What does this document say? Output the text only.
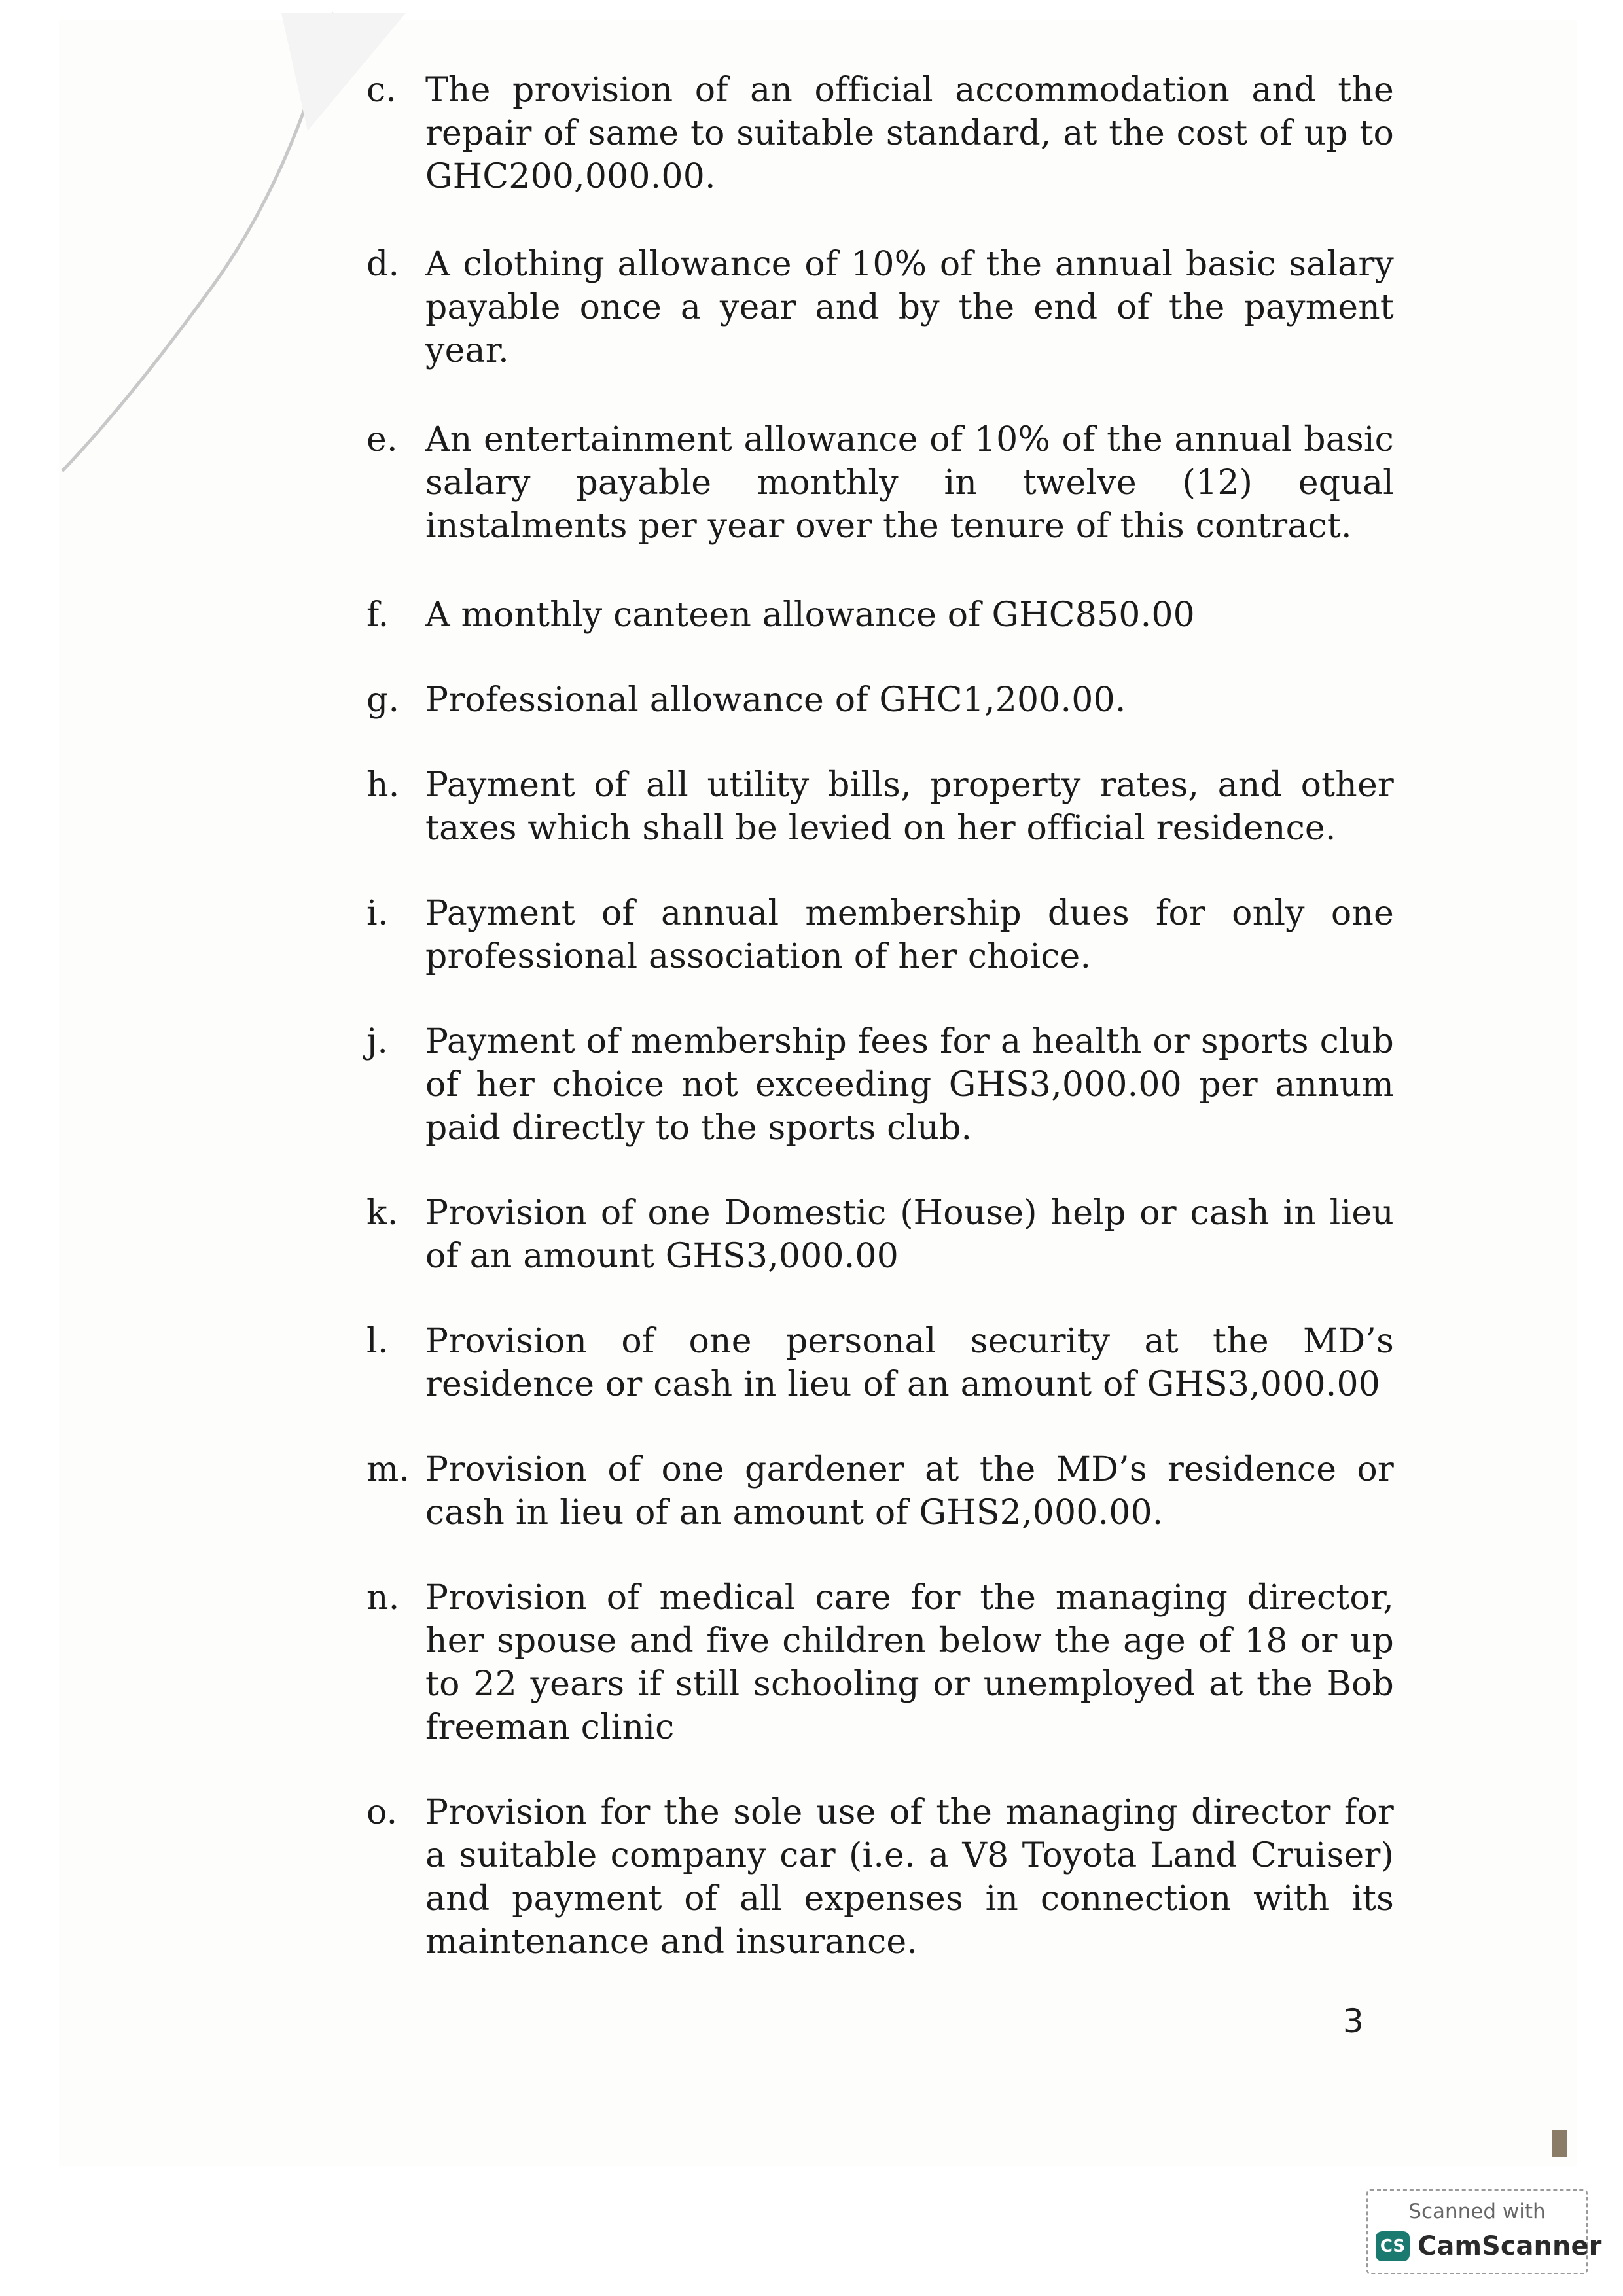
c. The provision of an official accommodation and the repair of same to suitable standard, at the cost of up to GHC200,000.00.
d. A clothing allowance of 10% of the annual basic salary payable once a year and by the end of the payment year.
e. An entertainment allowance of 10% of the annual basic salary payable monthly in twelve (12) equal instalments per year over the tenure of this contract.
f.	A monthly canteen allowance of GHC850.00
g. Professional allowance of GHC1,200.00.
h. Payment of all utility bills, property rates, and other taxes which shall be levied on her official residence.
i.	Payment of annual membership dues for only one professional association of her choice.
j.	Payment of membership fees for a health or sports club of her choice not exceeding GHS3,000.00 per annum paid directly to the sports club.
k. Provision of one Domestic (House) help or cash in lieu of an amount GHS3,000.00
l.	Provision of one personal security at the MD’s residence or cash in lieu of an amount of GHS3,000.00
m. Provision of one gardener at the MD’s residence or cash in lieu of an amount of GHS2,000.00.
n. Provision of medical care for the managing director, her spouse and five children below the age of 18 or up to 22 years if still schooling or unemployed at the Bob freeman clinic
o. Provision for the sole use of the managing director for a suitable company car (i.e. a V8 Toyota Land Cruiser) and payment of all expenses in connection with its maintenance and insurance.
3
Scanned with
CS CamScanner
